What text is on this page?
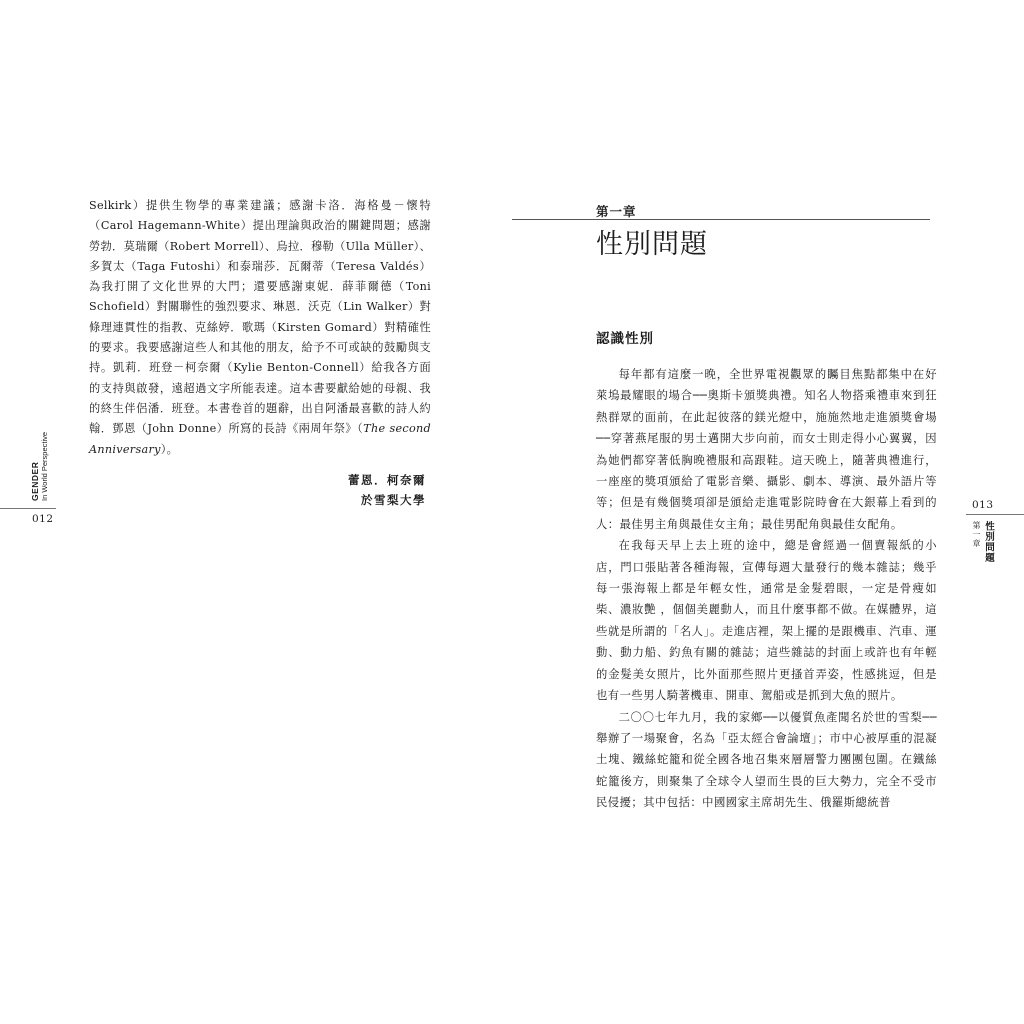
Selkirk）提供生物學的專業建議；感謝卡洛．海格曼－懷特（Carol Hagemann-White）提出理論與政治的關鍵問題；感謝勞勃．莫瑞爾（Robert Morrell）、烏拉．穆勒（Ulla Müller）、多賀太（Taga Futoshi）和泰瑞莎．瓦爾蒂（Teresa Valdés）為我打開了文化世界的大門；還要感謝東妮．薛菲爾德（Toni Schofield）對關聯性的強烈要求、琳恩．沃克（Lin Walker）對條理連貫性的指教、克絲婷．歌瑪（Kirsten Gomard）對精確性的要求。我要感謝這些人和其他的朋友，給予不可或缺的鼓勵與支持。凱莉．班登－柯奈爾（Kylie Benton-Connell）給我各方面的支持與啟發，遠超過文字所能表達。這本書要獻給她的母親、我的終生伴侶潘．班登。本書卷首的題辭，出自阿潘最喜歡的詩人約翰．鄧恩（John Donne）所寫的長詩《兩周年祭》（The second Anniversary）。

蕾恩．柯奈爾
於雪梨大學
GENDER In World Perspective
012
第一章
性別問題
認識性別

每年都有這麼一晚，全世界電視觀眾的矚目焦點都集中在好萊塢最耀眼的場合──奧斯卡頒獎典禮。知名人物搭乘禮車來到狂熱群眾的面前，在此起彼落的鎂光燈中，施施然地走進頒獎會場──穿著燕尾服的男士邁開大步向前，而女士則走得小心翼翼，因為她們都穿著低胸晚禮服和高跟鞋。這天晚上，隨著典禮進行，一座座的獎項頒給了電影音樂、攝影、劇本、導演、最外語片等等；但是有幾個獎項卻是頒給走進電影院時會在大銀幕上看到的人：最佳男主角與最佳女主角；最佳男配角與最佳女配角。

在我每天早上去上班的途中，總是會經過一個賣報紙的小店，門口張貼著各種海報，宣傳每週大量發行的幾本雜誌；幾乎每一張海報上都是年輕女性，通常是金髮碧眼，一定是骨瘦如柴、濃妝艷 ，個個美麗動人，而且什麼事都不做。在媒體界，這些就是所謂的「名人」。走進店裡，架上擺的是跟機車、汽車、運動、動力船、釣魚有關的雜誌；這些雜誌的封面上或許也有年輕的金髮美女照片，比外面那些照片更搔首弄姿，性感挑逗，但是也有一些男人騎著機車、開車、駕船或是抓到大魚的照片。

二〇〇七年九月，我的家鄉──以優質魚產聞名於世的雪梨──舉辦了一場聚會，名為「亞太經合會論壇」；市中心被厚重的混凝土塊、鐵絲蛇籠和從全國各地召集來層層警力團團包圍。在鐵絲蛇籠後方，則聚集了全球令人望而生畏的巨大勢力，完全不受市民侵擾；其中包括：中國國家主席胡先生、俄羅斯總統普

013
第一章 性別問題
